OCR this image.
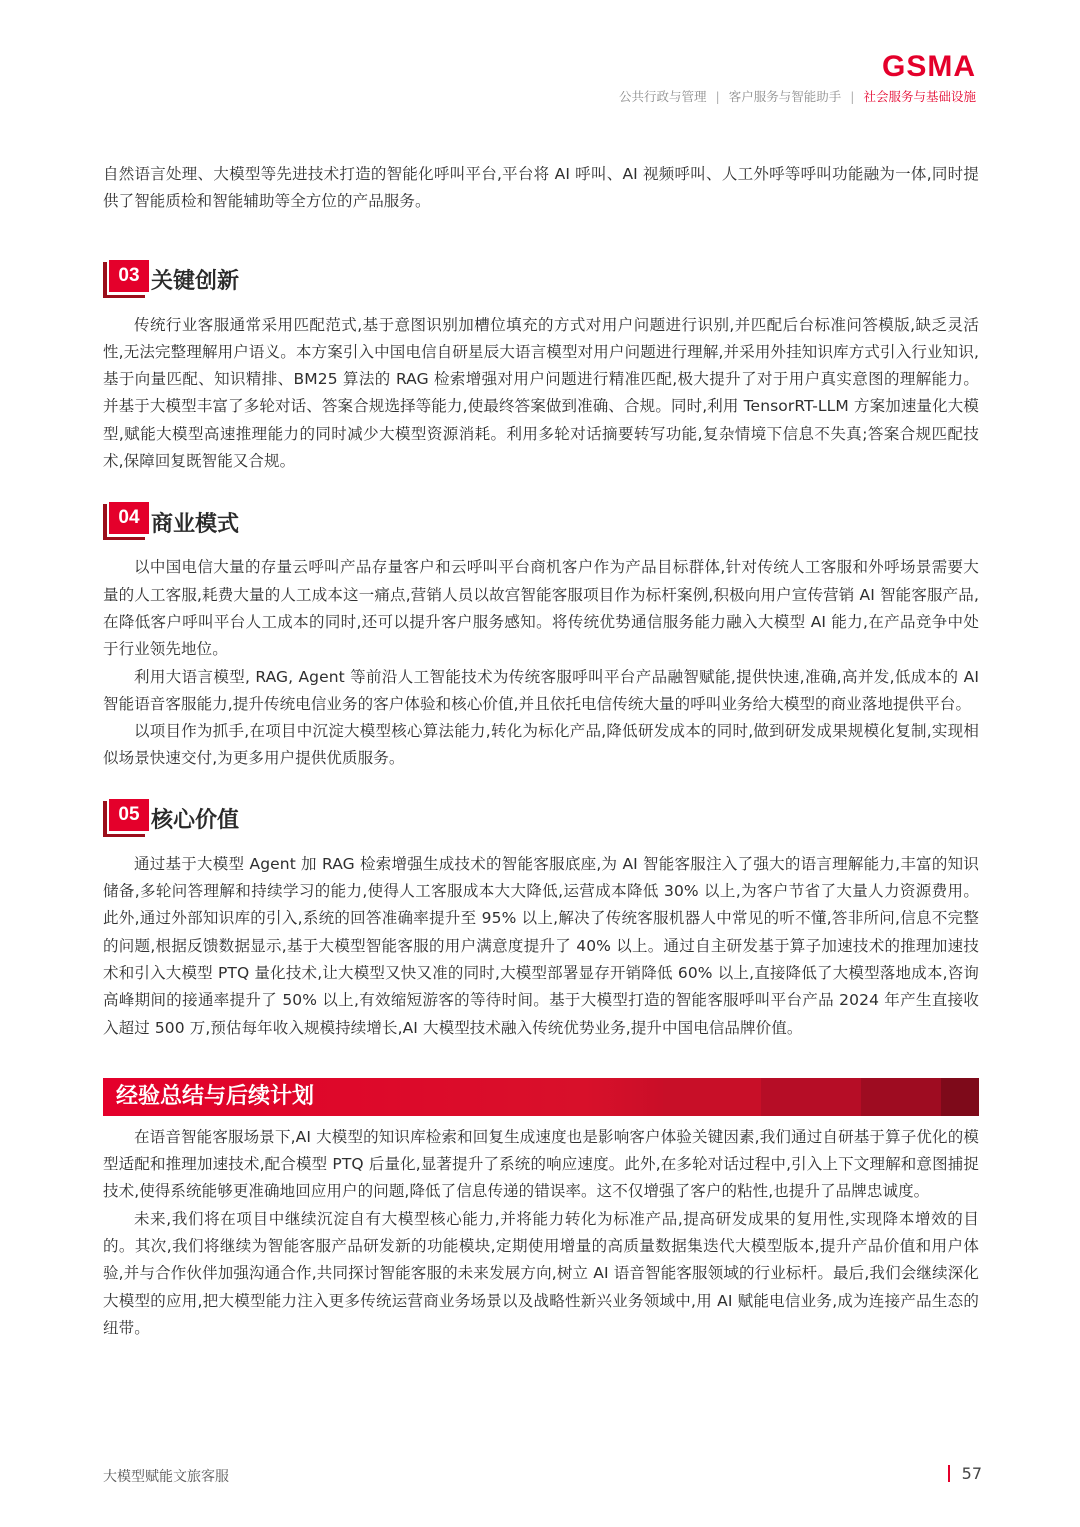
GSMA
公共行政与管理 | 客户服务与智能助手 | 社会服务与基础设施

自然语言处理、大模型等先进技术打造的智能化呼叫平台,平台将 AI 呼叫、AI 视频呼叫、人工外呼等呼叫功能融为一体,同时提供了智能质检和智能辅助等全方位的产品服务。

03 关键创新

传统行业客服通常采用匹配范式,基于意图识别加槽位填充的方式对用户问题进行识别,并匹配后台标准问答模版,缺乏灵活性,无法完整理解用户语义。本方案引入中国电信自研星辰大语言模型对用户问题进行理解,并采用外挂知识库方式引入行业知识,基于向量匹配、知识精排、BM25 算法的 RAG 检索增强对用户问题进行精准匹配,极大提升了对于用户真实意图的理解能力。并基于大模型丰富了多轮对话、答案合规选择等能力,使最终答案做到准确、合规。同时,利用 TensorRT-LLM 方案加速量化大模型,赋能大模型高速推理能力的同时减少大模型资源消耗。利用多轮对话摘要转写功能,复杂情境下信息不失真;答案合规匹配技术,保障回复既智能又合规。

04 商业模式

以中国电信大量的存量云呼叫产品存量客户和云呼叫平台商机客户作为产品目标群体,针对传统人工客服和外呼场景需要大量的人工客服,耗费大量的人工成本这一痛点,营销人员以故宫智能客服项目作为标杆案例,积极向用户宣传营销 AI 智能客服产品,在降低客户呼叫平台人工成本的同时,还可以提升客户服务感知。将传统优势通信服务能力融入大模型 AI 能力,在产品竞争中处于行业领先地位。

利用大语言模型, RAG, Agent 等前沿人工智能技术为传统客服呼叫平台产品融智赋能,提供快速,准确,高并发,低成本的 AI 智能语音客服能力,提升传统电信业务的客户体验和核心价值,并且依托电信传统大量的呼叫业务给大模型的商业落地提供平台。

以项目作为抓手,在项目中沉淀大模型核心算法能力,转化为标化产品,降低研发成本的同时,做到研发成果规模化复制,实现相似场景快速交付,为更多用户提供优质服务。

05 核心价值

通过基于大模型 Agent 加 RAG 检索增强生成技术的智能客服底座,为 AI 智能客服注入了强大的语言理解能力,丰富的知识储备,多轮问答理解和持续学习的能力,使得人工客服成本大大降低,运营成本降低 30% 以上,为客户节省了大量人力资源费用。此外,通过外部知识库的引入,系统的回答准确率提升至 95% 以上,解决了传统客服机器人中常见的听不懂,答非所问,信息不完整的问题,根据反馈数据显示,基于大模型智能客服的用户满意度提升了 40% 以上。通过自主研发基于算子加速技术的推理加速技术和引入大模型 PTQ 量化技术,让大模型又快又准的同时,大模型部署显存开销降低 60% 以上,直接降低了大模型落地成本,咨询高峰期间的接通率提升了 50% 以上,有效缩短游客的等待时间。基于大模型打造的智能客服呼叫平台产品 2024 年产生直接收入超过 500 万,预估每年收入规模持续增长,AI 大模型技术融入传统优势业务,提升中国电信品牌价值。

经验总结与后续计划

在语音智能客服场景下,AI 大模型的知识库检索和回复生成速度也是影响客户体验关键因素,我们通过自研基于算子优化的模型适配和推理加速技术,配合模型 PTQ 后量化,显著提升了系统的响应速度。此外,在多轮对话过程中,引入上下文理解和意图捕捉技术,使得系统能够更准确地回应用户的问题,降低了信息传递的错误率。这不仅增强了客户的粘性,也提升了品牌忠诚度。

未来,我们将在项目中继续沉淀自有大模型核心能力,并将能力转化为标准产品,提高研发成果的复用性,实现降本增效的目的。其次,我们将继续为智能客服产品研发新的功能模块,定期使用增量的高质量数据集迭代大模型版本,提升产品价值和用户体验,并与合作伙伴加强沟通合作,共同探讨智能客服的未来发展方向,树立 AI 语音智能客服领域的行业标杆。最后,我们会继续深化大模型的应用,把大模型能力注入更多传统运营商业务场景以及战略性新兴业务领域中,用 AI 赋能电信业务,成为连接产品生态的纽带。

大模型赋能文旅客服	57
